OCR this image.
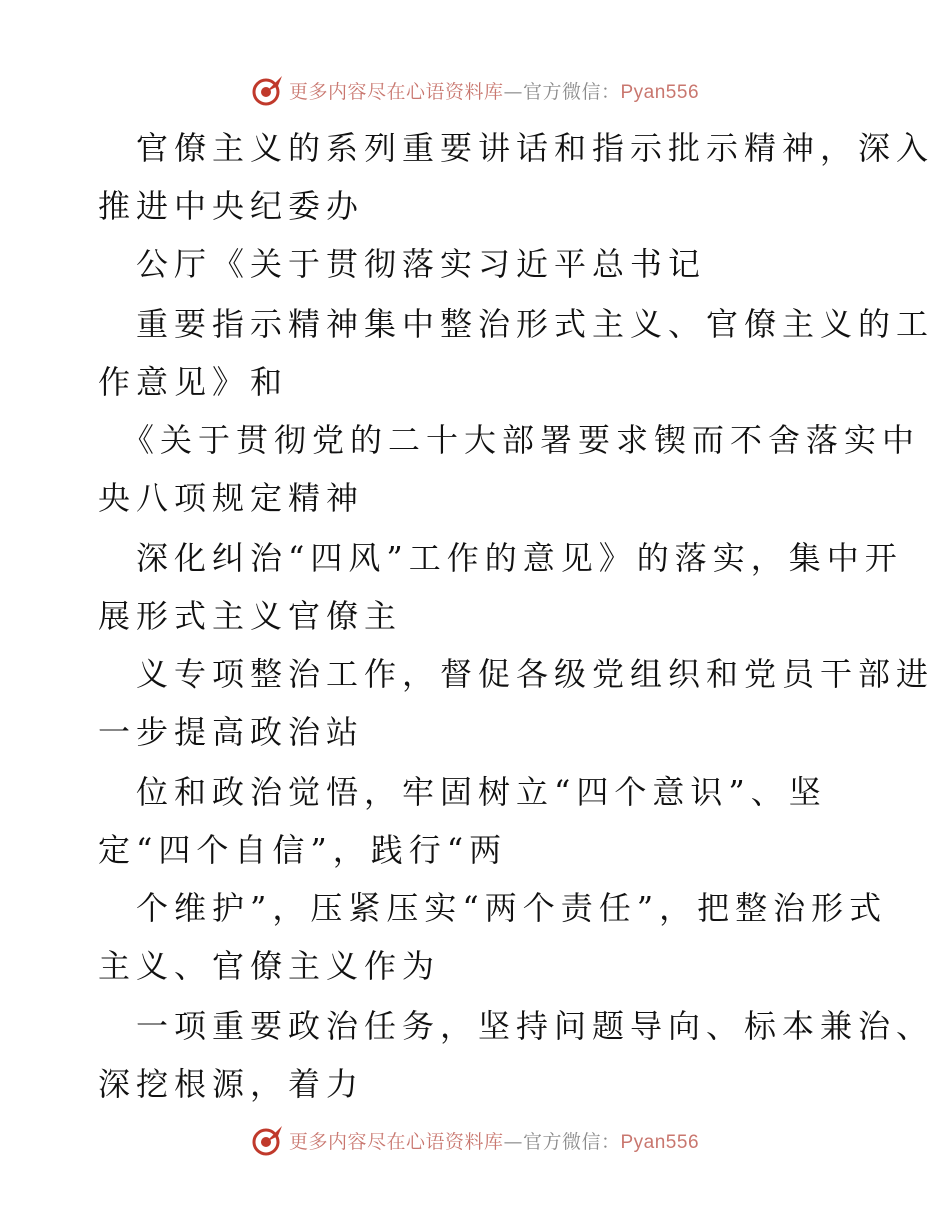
更多内容尽在心语资料库—官方微信：Pyan556
官僚主义的系列重要讲话和指示批示精神，深入
推进中央纪委办
公厅《关于贯彻落实习近平总书记
重要指示精神集中整治形式主义、官僚主义的工
作意见》和
《关于贯彻党的二十大部署要求锲而不舍落实中
央八项规定精神
深化纠治“四风”工作的意见》的落实，集中开
展形式主义官僚主
义专项整治工作，督促各级党组织和党员干部进
一步提高政治站
位和政治觉悟，牢固树立“四个意识”、坚
定“四个自信”，践行“两
个维护”，压紧压实“两个责任”，把整治形式
主义、官僚主义作为
一项重要政治任务，坚持问题导向、标本兼治、
深挖根源，着力
更多内容尽在心语资料库—官方微信：Pyan556
